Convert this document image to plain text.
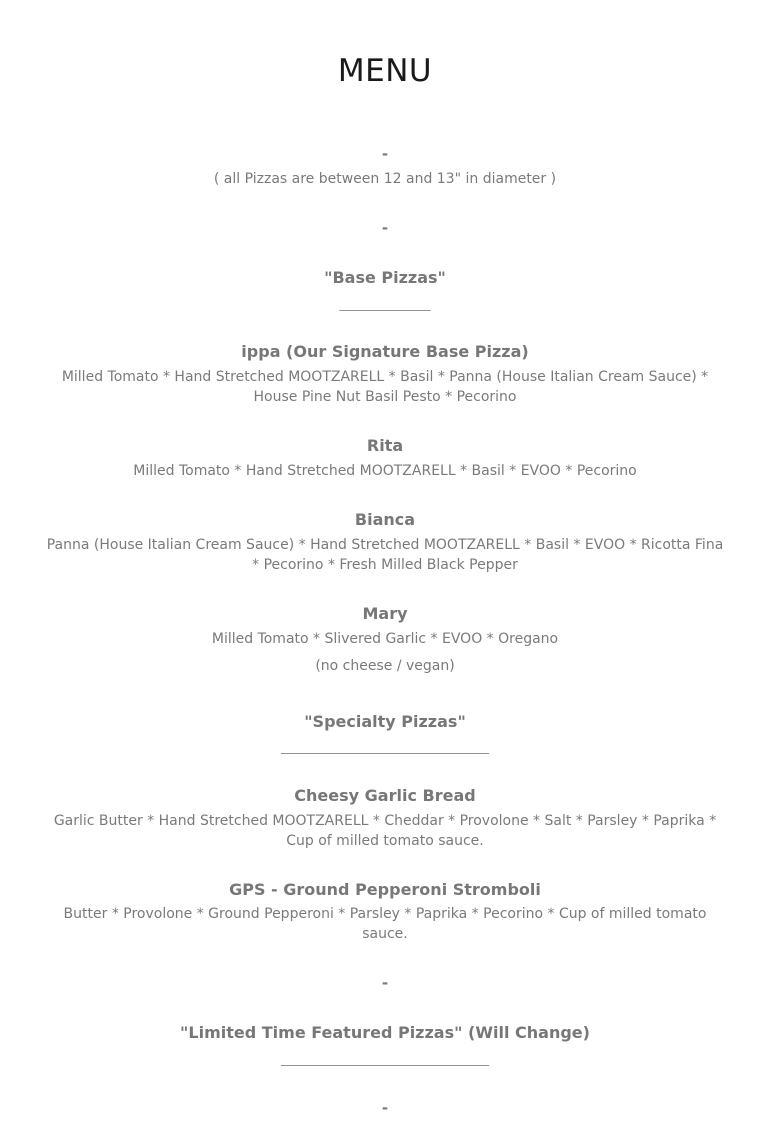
MENU
-
( all Pizzas are between 12 and 13" in diameter )
-
"Base Pizzas"
______________
ippa (Our Signature Base Pizza)
Milled Tomato * Hand Stretched MOOTZARELL * Basil * Panna (House Italian Cream Sauce) *
House Pine Nut Basil Pesto * Pecorino
Rita
Milled Tomato * Hand Stretched MOOTZARELL * Basil * EVOO * Pecorino
Bianca
Panna (House Italian Cream Sauce) * Hand Stretched MOOTZARELL * Basil * EVOO * Ricotta Fina
* Pecorino * Fresh Milled Black Pepper
Mary
Milled Tomato * Slivered Garlic * EVOO * Oregano
(no cheese / vegan)
"Specialty Pizzas"
________________________________
Cheesy Garlic Bread
Garlic Butter * Hand Stretched MOOTZARELL * Cheddar * Provolone * Salt * Parsley * Paprika *
Cup of milled tomato sauce.
GPS - Ground Pepperoni Stromboli
Butter * Provolone * Ground Pepperoni * Parsley * Paprika * Pecorino * Cup of milled tomato
sauce.
-
"Limited Time Featured Pizzas" (Will Change)
________________________________
-
